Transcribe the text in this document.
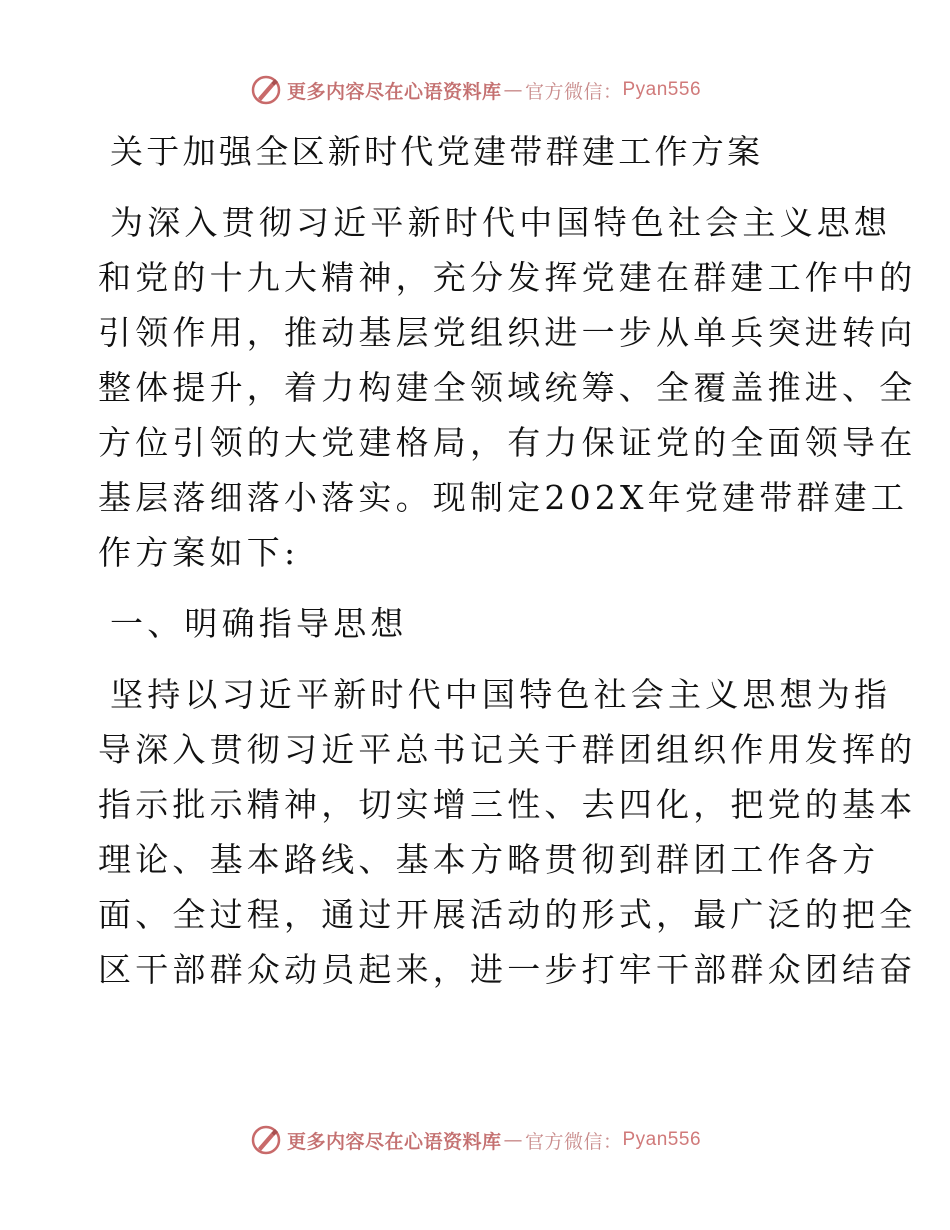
更多内容尽在心语资料库 — 官方微信： Pyan556
关于加强全区新时代党建带群建工作方案
为深入贯彻习近平新时代中国特色社会主义思想
和党的十九大精神，充分发挥党建在群建工作中的
引领作用，推动基层党组织进一步从单兵突进转向
整体提升，着力构建全领域统筹、全覆盖推进、全
方位引领的大党建格局，有力保证党的全面领导在
基层落细落小落实。现制定202X年党建带群建工
作方案如下:
一、明确指导思想
坚持以习近平新时代中国特色社会主义思想为指
导深入贯彻习近平总书记关于群团组织作用发挥的
指示批示精神，切实增三性、去四化，把党的基本
理论、基本路线、基本方略贯彻到群团工作各方
面、全过程，通过开展活动的形式，最广泛的把全
区干部群众动员起来，进一步打牢干部群众团结奋
更多内容尽在心语资料库 — 官方微信： Pyan556
